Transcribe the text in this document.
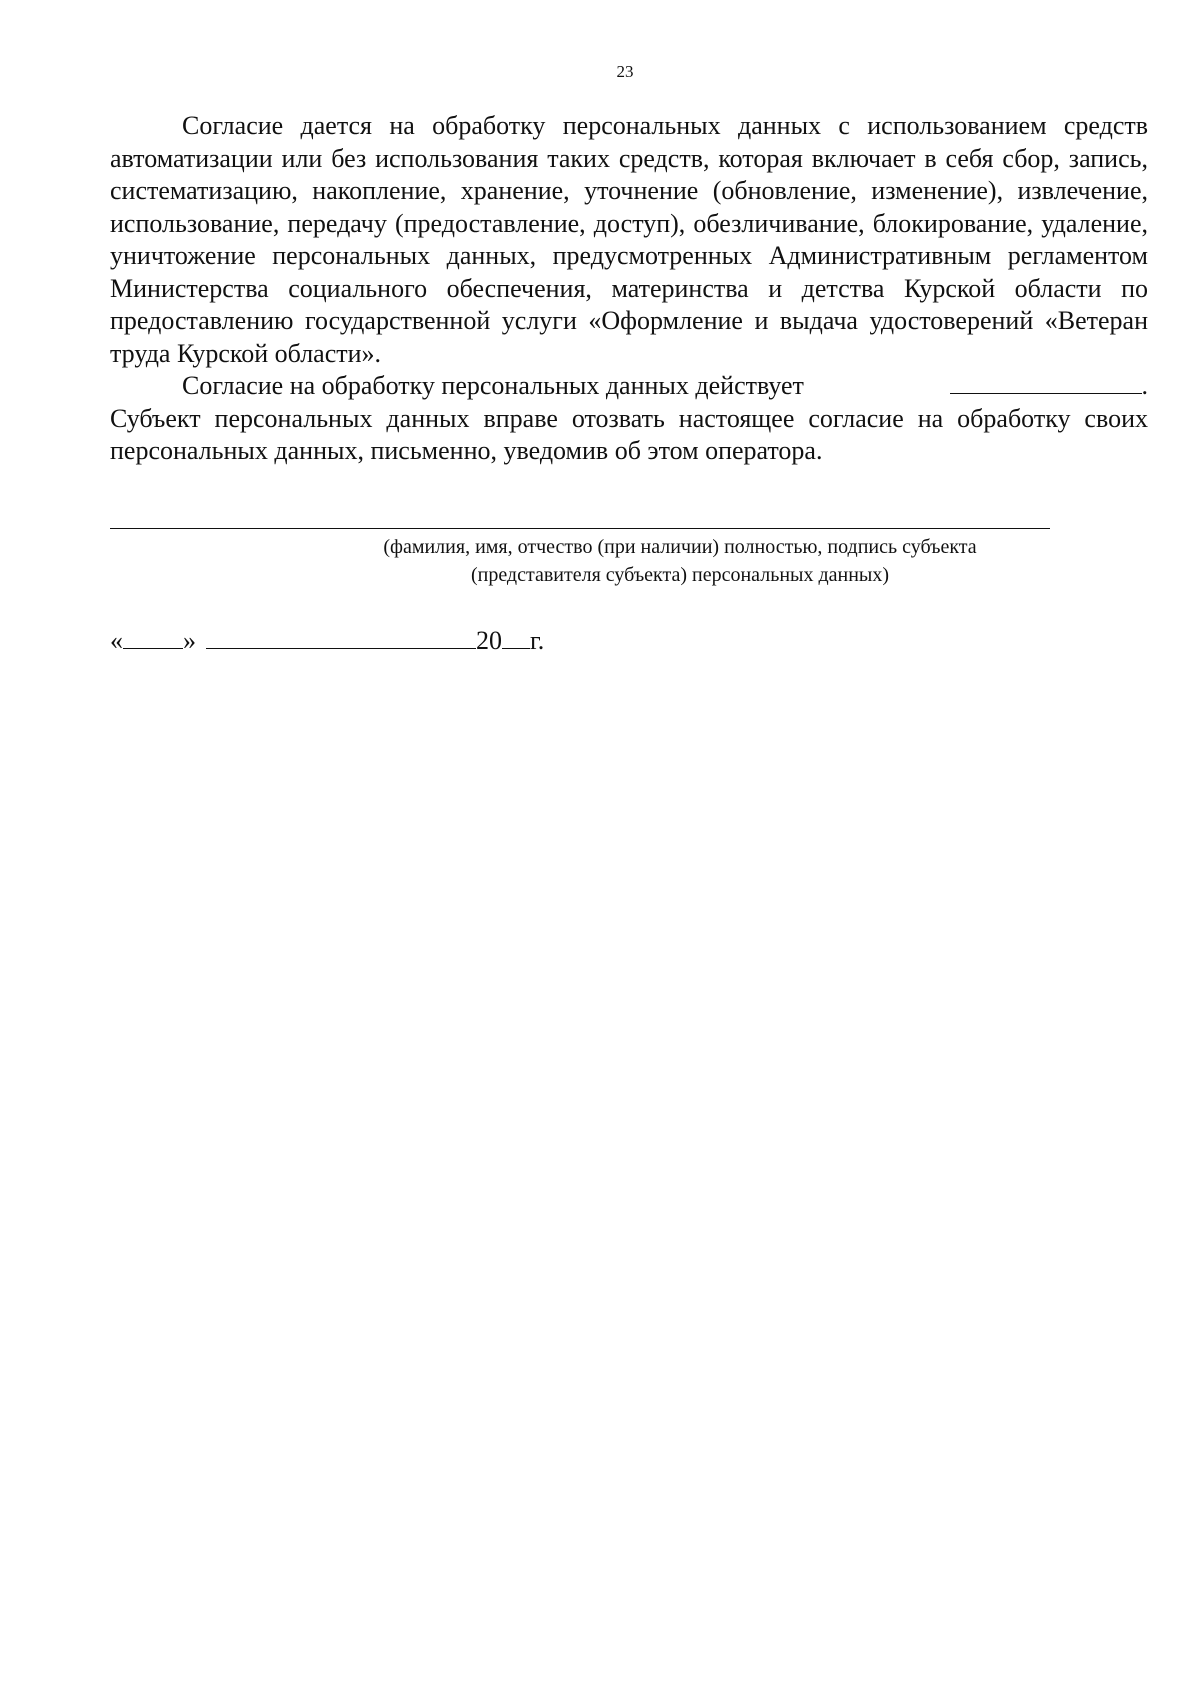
23

Согласие дается на обработку персональных данных с использованием средств автоматизации или без использования таких средств, которая включает в себя сбор, запись, систематизацию, накопление, хранение, уточнение (обновление, изменение), извлечение, использование, передачу (предоставление, доступ), обезличивание, блокирование, удаление, уничтожение персональных данных, предусмотренных Административным регламентом Министерства социального обеспечения, материнства и детства Курской области по предоставлению государственной услуги «Оформление и выдача удостоверений «Ветеран труда Курской области».

Согласие на обработку персональных данных действует	.

Субъект персональных данных вправе отозвать настоящее согласие на обработку своих персональных данных, письменно, уведомив об этом оператора.

(фамилия, имя, отчество (при наличии) полностью, подпись субъекта
(представителя субъекта) персональных данных)
« »	20 г.
